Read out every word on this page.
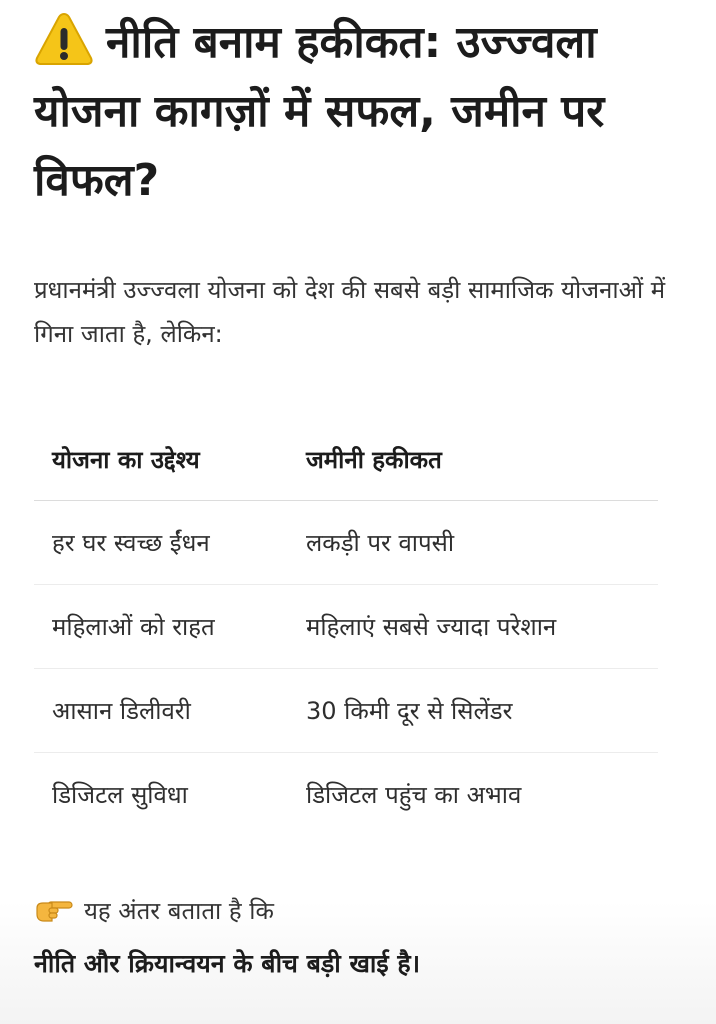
नीति बनाम हकीकत: उज्ज्वला योजना कागज़ों में सफल, जमीन पर विफल?

प्रधानमंत्री उज्ज्वला योजना को देश की सबसे बड़ी सामाजिक योजनाओं में गिना जाता है, लेकिन:

योजना का उद्देश्य	जमीनी हकीकत
हर घर स्वच्छ ईंधन	लकड़ी पर वापसी
महिलाओं को राहत	महिलाएं सबसे ज्यादा परेशान
आसान डिलीवरी	30 किमी दूर से सिलेंडर
डिजिटल सुविधा	डिजिटल पहुंच का अभाव

यह अंतर बताता है कि

नीति और क्रियान्वयन के बीच बड़ी खाई है।
